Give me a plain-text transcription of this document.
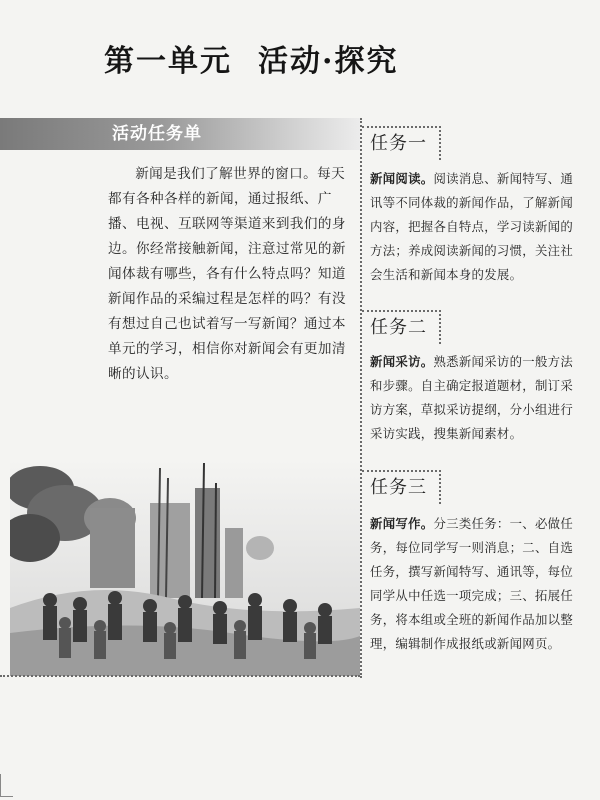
第一单元 活动·探究
活动任务单
新闻是我们了解世界的窗口。每天都有各种各样的新闻，通过报纸、广播、电视、互联网等渠道来到我们的身边。你经常接触新闻，注意过常见的新闻体裁有哪些，各有什么特点吗？知道新闻作品的采编过程是怎样的吗？有没有想过自己也试着写一写新闻？通过本单元的学习，相信你对新闻会有更加清晰的认识。
任务一
新闻阅读。阅读消息、新闻特写、通讯等不同体裁的新闻作品，了解新闻内容，把握各自特点，学习读新闻的方法；养成阅读新闻的习惯，关注社会生活和新闻本身的发展。
任务二
新闻采访。熟悉新闻采访的一般方法和步骤。自主确定报道题材，制订采访方案，草拟采访提纲，分小组进行采访实践，搜集新闻素材。
任务三
新闻写作。分三类任务：一、必做任务，每位同学写一则消息；二、自选任务，撰写新闻特写、通讯等，每位同学从中任选一项完成；三、拓展任务，将本组或全班的新闻作品加以整理，编辑制作成报纸或新闻网页。
